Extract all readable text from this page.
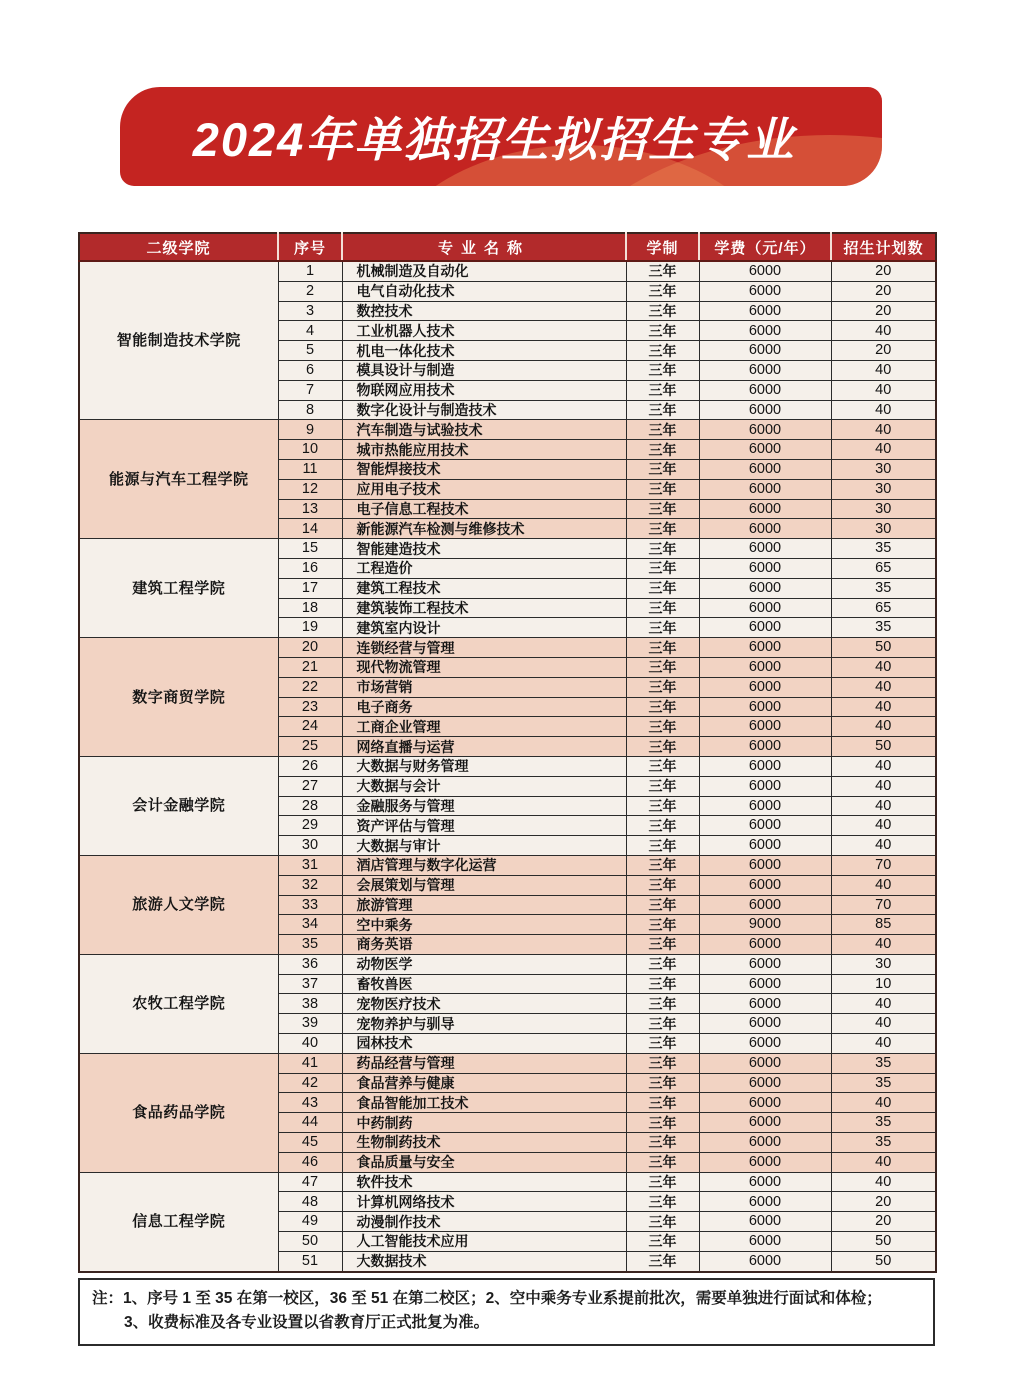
2024年单独招生拟招生专业
二级学院	序号	专业名称	学制	学费（元/年）	招生计划数
智能制造技术学院	1	机械制造及自动化	三年	6000	20
	2	电气自动化技术	三年	6000	20
	3	数控技术	三年	6000	20
	4	工业机器人技术	三年	6000	40
	5	机电一体化技术	三年	6000	20
	6	模具设计与制造	三年	6000	40
	7	物联网应用技术	三年	6000	40
	8	数字化设计与制造技术	三年	6000	40
能源与汽车工程学院	9	汽车制造与试验技术	三年	6000	40
	10	城市热能应用技术	三年	6000	40
	11	智能焊接技术	三年	6000	30
	12	应用电子技术	三年	6000	30
	13	电子信息工程技术	三年	6000	30
	14	新能源汽车检测与维修技术	三年	6000	30
建筑工程学院	15	智能建造技术	三年	6000	35
	16	工程造价	三年	6000	65
	17	建筑工程技术	三年	6000	35
	18	建筑装饰工程技术	三年	6000	65
	19	建筑室内设计	三年	6000	35
数字商贸学院	20	连锁经营与管理	三年	6000	50
	21	现代物流管理	三年	6000	40
	22	市场营销	三年	6000	40
	23	电子商务	三年	6000	40
	24	工商企业管理	三年	6000	40
	25	网络直播与运营	三年	6000	50
会计金融学院	26	大数据与财务管理	三年	6000	40
	27	大数据与会计	三年	6000	40
	28	金融服务与管理	三年	6000	40
	29	资产评估与管理	三年	6000	40
	30	大数据与审计	三年	6000	40
旅游人文学院	31	酒店管理与数字化运营	三年	6000	70
	32	会展策划与管理	三年	6000	40
	33	旅游管理	三年	6000	70
	34	空中乘务	三年	9000	85
	35	商务英语	三年	6000	40
农牧工程学院	36	动物医学	三年	6000	30
	37	畜牧兽医	三年	6000	10
	38	宠物医疗技术	三年	6000	40
	39	宠物养护与驯导	三年	6000	40
	40	园林技术	三年	6000	40
食品药品学院	41	药品经营与管理	三年	6000	35
	42	食品营养与健康	三年	6000	35
	43	食品智能加工技术	三年	6000	40
	44	中药制药	三年	6000	35
	45	生物制药技术	三年	6000	35
	46	食品质量与安全	三年	6000	40
信息工程学院	47	软件技术	三年	6000	40
	48	计算机网络技术	三年	6000	20
	49	动漫制作技术	三年	6000	20
	50	人工智能技术应用	三年	6000	50
	51	大数据技术	三年	6000	50
注：1、序号 1 至 35 在第一校区，36 至 51 在第二校区；2、空中乘务专业系提前批次，需要单独进行面试和体检；
3、收费标准及各专业设置以省教育厅正式批复为准。
